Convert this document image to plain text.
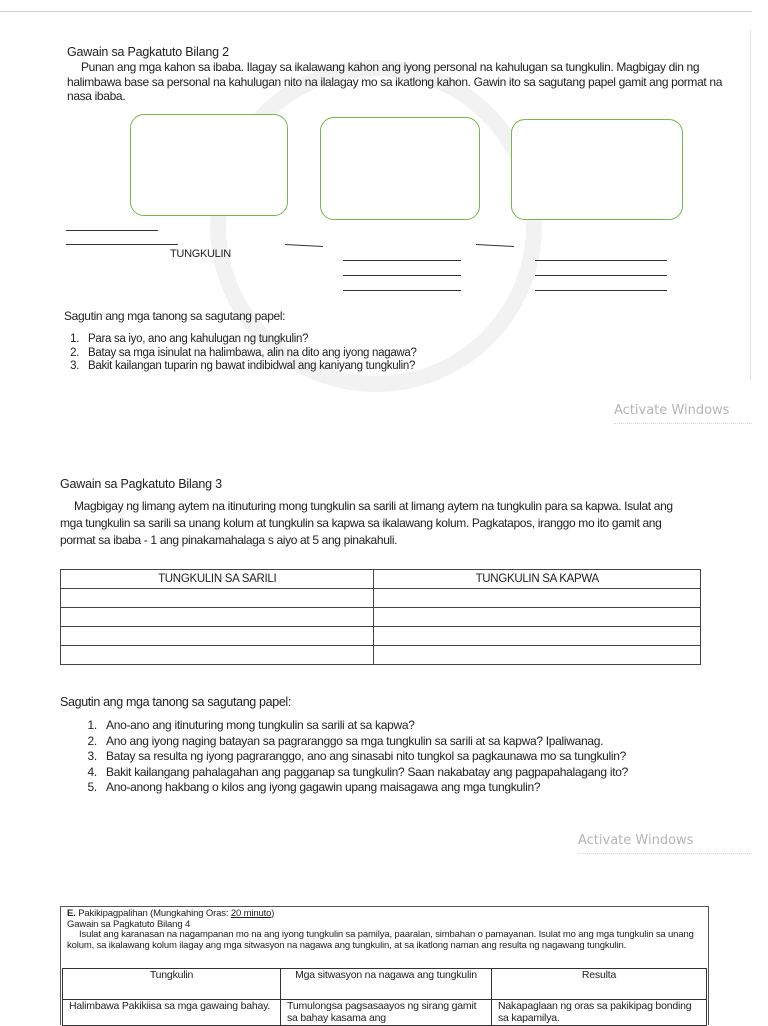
Gawain sa Pagkatuto Bilang 2

Punan ang mga kahon sa ibaba. Ilagay sa ikalawang kahon ang iyong personal na kahulugan sa tungkulin. Magbigay din ng halimbawa base sa personal na kahulugan nito na ilalagay mo sa ikatlong kahon. Gawin ito sa sagutang papel gamit ang pormat na nasa ibaba.

TUNGKULIN
Sagutin ang mga tanong sa sagutang papel:
1. Para sa iyo, ano ang kahulugan ng tungkulin?
2. Batay sa mga isinulat na halimbawa, alin na dito ang iyong nagawa?
3. Bakit kailangan tuparin ng bawat indibidwal ang kaniyang tungkulin?
Activate Windows
Gawain sa Pagkatuto Bilang 3

Magbigay ng limang aytem na itinuturing mong tungkulin sa sarili at limang aytem na tungkulin para sa kapwa. Isulat ang mga tungkulin sa sarili sa unang kolum at tungkulin sa kapwa sa ikalawang kolum. Pagkatapos, iranggo mo ito gamit ang pormat sa ibaba - 1 ang pinakamahalaga s aiyo at 5 ang pinakahuli.

TUNGKULIN SA SARILI	TUNGKULIN SA KAPWA

Sagutin ang mga tanong sa sagutang papel:
1. Ano-ano ang itinuturing mong tungkulin sa sarili at sa kapwa?
2. Ano ang iyong naging batayan sa pagraranggo sa mga tungkulin sa sarili at sa kapwa? Ipaliwanag.
3. Batay sa resulta ng iyong pagraranggo, ano ang sinasabi nito tungkol sa pagkaunawa mo sa tungkulin?
4. Bakit kailangang pahalagahan ang pagganap sa tungkulin? Saan nakabatay ang pagpapahalagang ito?
5. Ano-anong hakbang o kilos ang iyong gagawin upang maisagawa ang mga tungkulin?
Activate Windows

E. Pakikipagpalihan (Mungkahing Oras: 20 minuto)

Gawain sa Pagkatuto Bilang 4

Isulat ang karanasan na nagampanan mo na ang iyong tungkulin sa pamilya, paaralan, simbahan o pamayanan. Isulat mo ang mga tungkulin sa unang kolum, sa ikalawang kolum ilagay ang mga sitwasyon na nagawa ang tungkulin, at sa ikatlong naman ang resulta ng nagawang tungkulin.

Tungkulin	Mga sitwasyon na nagawa ang tungkulin	Resulta
Halimbawa Pakikiisa sa mga gawaing bahay.	Tumulongsa pagsasaayos ng sirang gamit sa bahay kasama ang	Nakapaglaan ng oras sa pakikipag bonding sa kapamilya.
